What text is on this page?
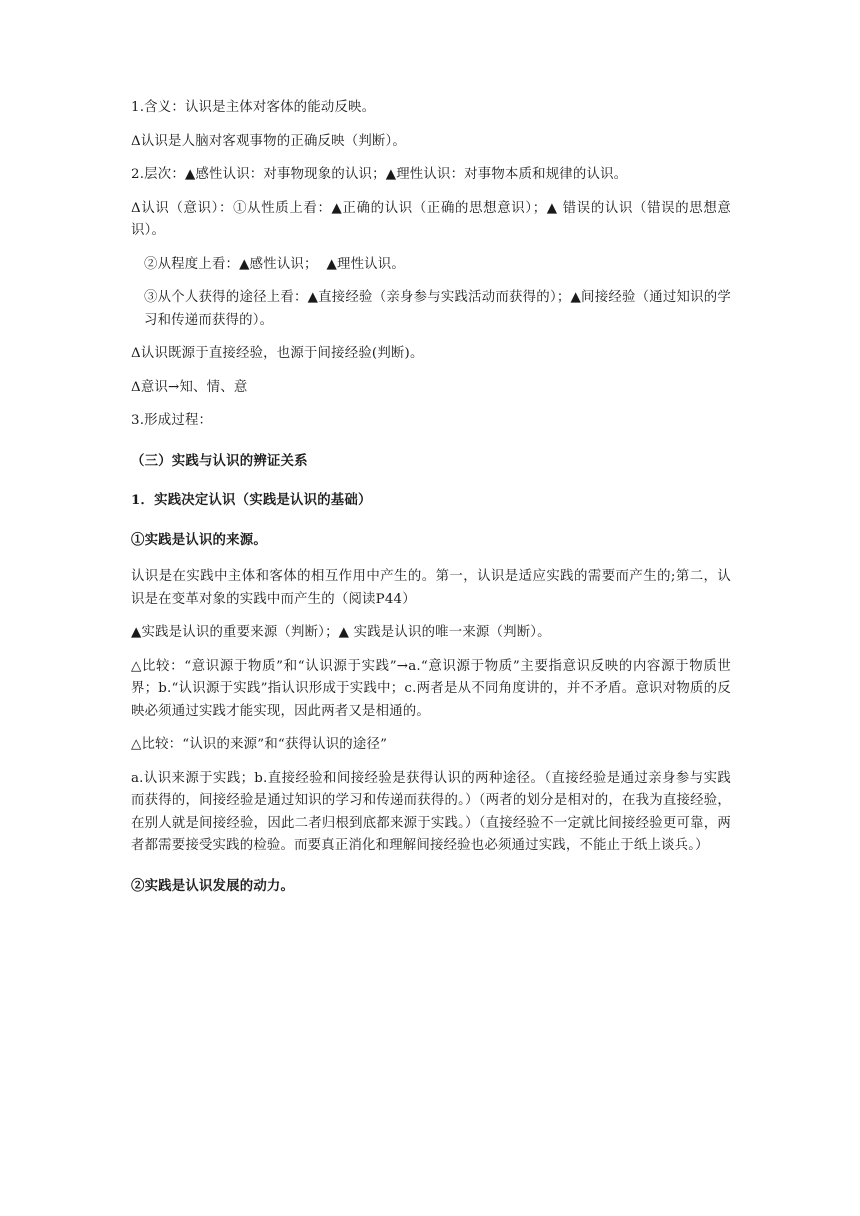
1.含义：认识是主体对客体的能动反映。

Δ认识是人脑对客观事物的正确反映（判断）。

2.层次：▲感性认识：对事物现象的认识；▲理性认识：对事物本质和规律的认识。

Δ认识（意识）：①从性质上看：▲正确的认识（正确的思想意识）；▲ 错误的认识（错误的思想意识）。

②从程度上看：▲感性认识；  ▲理性认识。

③从个人获得的途径上看：▲直接经验（亲身参与实践活动而获得的）；▲间接经验（通过知识的学习和传递而获得的）。

Δ认识既源于直接经验，也源于间接经验(判断)。

Δ意识→知、情、意

3.形成过程：

（三）实践与认识的辨证关系

1．实践决定认识（实践是认识的基础）

①实践是认识的来源。

认识是在实践中主体和客体的相互作用中产生的。第一，认识是适应实践的需要而产生的;第二，认识是在变革对象的实践中而产生的（阅读P44）

▲实践是认识的重要来源（判断）；▲ 实践是认识的唯一来源（判断）。

△比较：“意识源于物质”和“认识源于实践”→a.“意识源于物质”主要指意识反映的内容源于物质世界；b.“认识源于实践”指认识形成于实践中；c.两者是从不同角度讲的，并不矛盾。意识对物质的反映必须通过实践才能实现，因此两者又是相通的。

△比较：“认识的来源”和“获得认识的途径”

a.认识来源于实践；b.直接经验和间接经验是获得认识的两种途径。（直接经验是通过亲身参与实践而获得的，间接经验是通过知识的学习和传递而获得的。）（两者的划分是相对的，在我为直接经验，在别人就是间接经验，因此二者归根到底都来源于实践。）（直接经验不一定就比间接经验更可靠，两者都需要接受实践的检验。而要真正消化和理解间接经验也必须通过实践，不能止于纸上谈兵。）

②实践是认识发展的动力。
